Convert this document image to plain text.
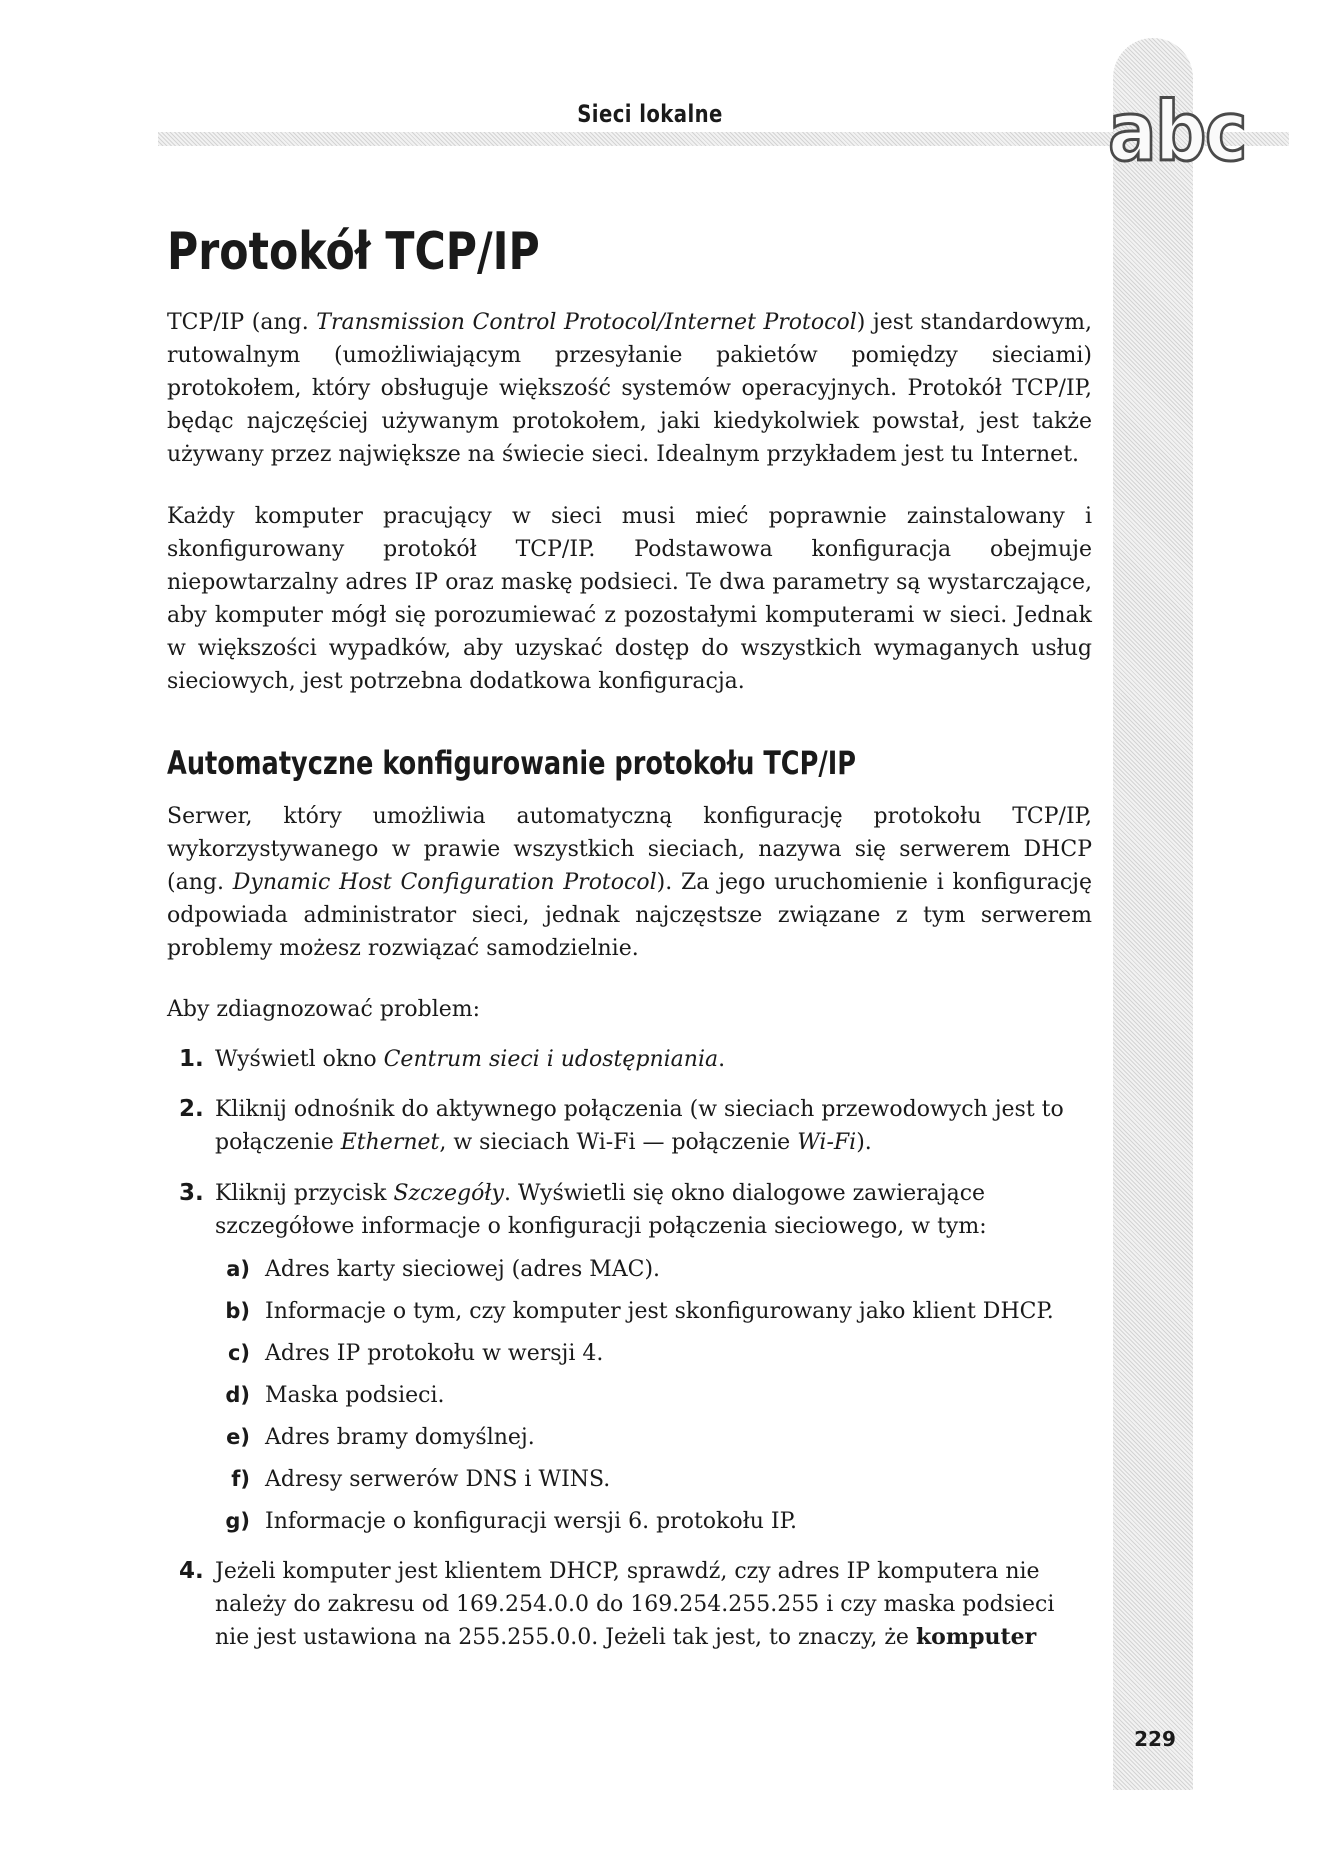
Sieci lokalne	abc
Protokół TCP/IP

TCP/IP (ang. Transmission Control Protocol/Internet Protocol) jest standardowym, rutowalnym (umożliwiającym przesyłanie pakietów pomiędzy sieciami) protokołem, który obsługuje większość systemów operacyjnych. Protokół TCP/IP, będąc najczęściej używanym protokołem, jaki kiedykolwiek powstał, jest także używany przez największe na świecie sieci. Idealnym przykładem jest tu Internet.

Każdy komputer pracujący w sieci musi mieć poprawnie zainstalowany i skonfigurowany protokół TCP/IP. Podstawowa konfiguracja obejmuje niepowtarzalny adres IP oraz maskę podsieci. Te dwa parametry są wystarczające, aby komputer mógł się porozumiewać z pozostałymi komputerami w sieci. Jednak w większości wypadków, aby uzyskać dostęp do wszystkich wymaganych usług sieciowych, jest potrzebna dodatkowa konfiguracja.

Automatyczne konfigurowanie protokołu TCP/IP

Serwer, który umożliwia automatyczną konfigurację protokołu TCP/IP, wykorzystywanego w prawie wszystkich sieciach, nazywa się serwerem DHCP (ang. Dynamic Host Configuration Protocol). Za jego uruchomienie i konfigurację odpowiada administrator sieci, jednak najczęstsze związane z tym serwerem problemy możesz rozwiązać samodzielnie.

Aby zdiagnozować problem:

1. Wyświetl okno Centrum sieci i udostępniania.
2. Kliknij odnośnik do aktywnego połączenia (w sieciach przewodowych jest to połączenie Ethernet, w sieciach Wi-Fi — połączenie Wi-Fi).
3. Kliknij przycisk Szczegóły. Wyświetli się okno dialogowe zawierające szczegółowe informacje o konfiguracji połączenia sieciowego, w tym:
a) Adres karty sieciowej (adres MAC).
b) Informacje o tym, czy komputer jest skonfigurowany jako klient DHCP.
c) Adres IP protokołu w wersji 4.
d) Maska podsieci.
e) Adres bramy domyślnej.
f) Adresy serwerów DNS i WINS.
g) Informacje o konfiguracji wersji 6. protokołu IP.
4. Jeżeli komputer jest klientem DHCP, sprawdź, czy adres IP komputera nie należy do zakresu od 169.254.0.0 do 169.254.255.255 i czy maska podsieci nie jest ustawiona na 255.255.0.0. Jeżeli tak jest, to znaczy, że komputer
229
